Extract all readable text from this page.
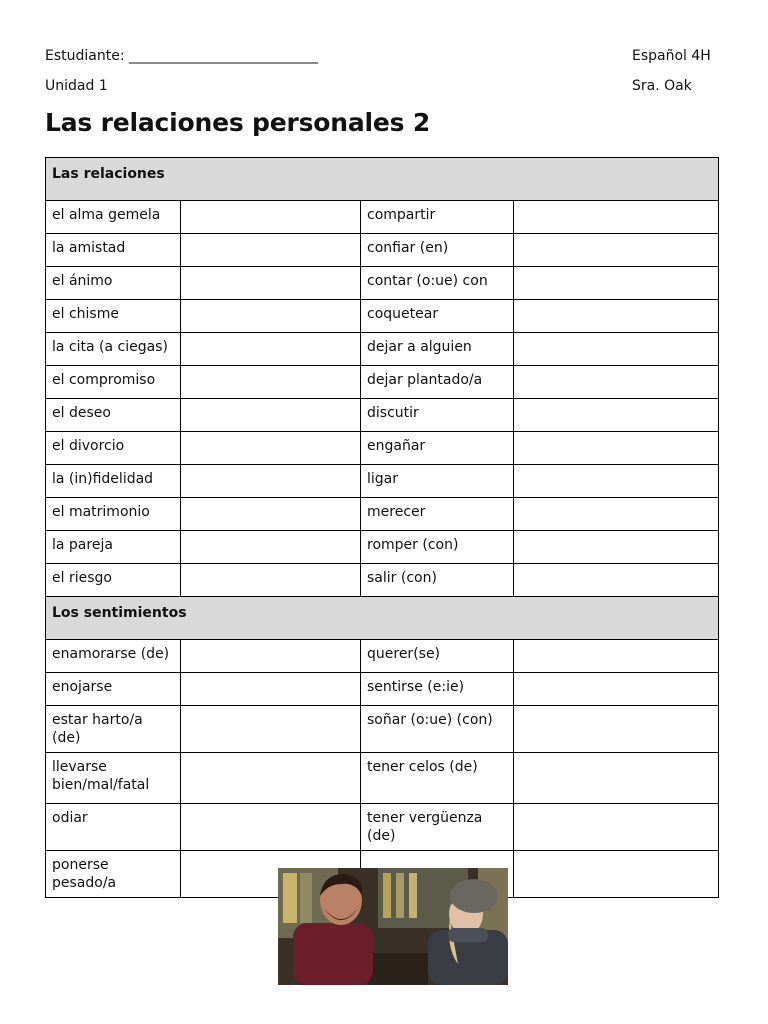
Estudiante: ___________________________
Unidad 1
Español 4H
Sra. Oak
Las relaciones personales 2
Las relaciones			
el alma gemela		compartir	
la amistad		confiar (en)	
el ánimo		contar (o:ue) con	
el chisme		coquetear	
la cita (a ciegas)		dejar a alguien	
el compromiso		dejar plantado/a	
el deseo		discutir	
el divorcio		engañar	
la (in)fidelidad		ligar	
el matrimonio		merecer	
la pareja		romper (con)	
el riesgo		salir (con)	
Los sentimientos			
enamorarse (de)		querer(se)	
enojarse		sentirse (e:ie)	
estar harto/a (de)		soñar (o:ue) (con)	
llevarse bien/mal/fatal		tener celos (de)	
odiar		tener vergüenza (de)	
ponerse pesado/a			
